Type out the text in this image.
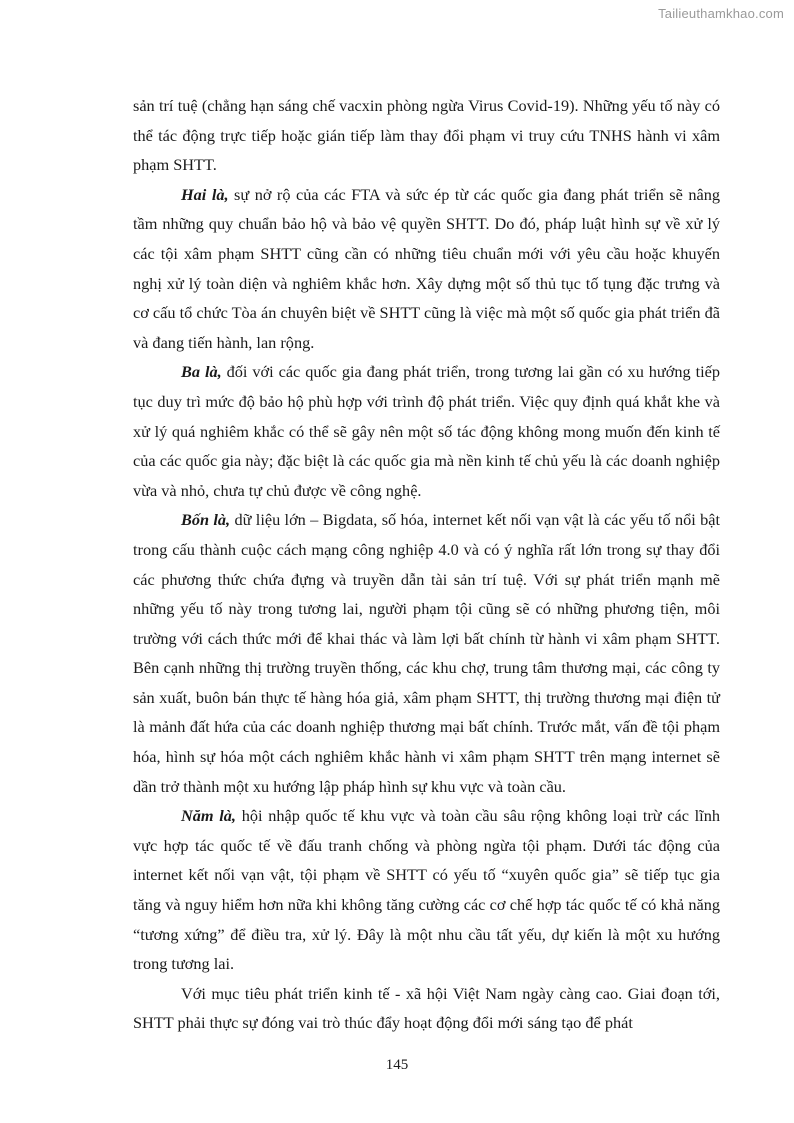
Tailieuthamkhao.com

sản trí tuệ (chẳng hạn sáng chế vacxin phòng ngừa Virus Covid-19). Những yếu tố này có thể tác động trực tiếp hoặc gián tiếp làm thay đổi phạm vi truy cứu TNHS hành vi xâm phạm SHTT.

Hai là, sự nở rộ của các FTA và sức ép từ các quốc gia đang phát triển sẽ nâng tầm những quy chuẩn bảo hộ và bảo vệ quyền SHTT. Do đó, pháp luật hình sự về xử lý các tội xâm phạm SHTT cũng cần có những tiêu chuẩn mới với yêu cầu hoặc khuyến nghị xử lý toàn diện và nghiêm khắc hơn. Xây dựng một số thủ tục tố tụng đặc trưng và cơ cấu tổ chức Tòa án chuyên biệt về SHTT cũng là việc mà một số quốc gia phát triển đã và đang tiến hành, lan rộng.

Ba là, đối với các quốc gia đang phát triển, trong tương lai gần có xu hướng tiếp tục duy trì mức độ bảo hộ phù hợp với trình độ phát triển. Việc quy định quá khắt khe và xử lý quá nghiêm khắc có thể sẽ gây nên một số tác động không mong muốn đến kinh tế của các quốc gia này; đặc biệt là các quốc gia mà nền kinh tế chủ yếu là các doanh nghiệp vừa và nhỏ, chưa tự chủ được về công nghệ.

Bốn là, dữ liệu lớn – Bigdata, số hóa, internet kết nối vạn vật là các yếu tố nổi bật trong cấu thành cuộc cách mạng công nghiệp 4.0 và có ý nghĩa rất lớn trong sự thay đổi các phương thức chứa đựng và truyền dẫn tài sản trí tuệ. Với sự phát triển mạnh mẽ những yếu tố này trong tương lai, người phạm tội cũng sẽ có những phương tiện, môi trường với cách thức mới để khai thác và làm lợi bất chính từ hành vi xâm phạm SHTT. Bên cạnh những thị trường truyền thống, các khu chợ, trung tâm thương mại, các công ty sản xuất, buôn bán thực tế hàng hóa giả, xâm phạm SHTT, thị trường thương mại điện tử là mảnh đất hứa của các doanh nghiệp thương mại bất chính. Trước mắt, vấn đề tội phạm hóa, hình sự hóa một cách nghiêm khắc hành vi xâm phạm SHTT trên mạng internet sẽ dần trở thành một xu hướng lập pháp hình sự khu vực và toàn cầu.

Năm là, hội nhập quốc tế khu vực và toàn cầu sâu rộng không loại trừ các lĩnh vực hợp tác quốc tế về đấu tranh chống và phòng ngừa tội phạm. Dưới tác động của internet kết nối vạn vật, tội phạm về SHTT có yếu tố “xuyên quốc gia” sẽ tiếp tục gia tăng và nguy hiểm hơn nữa khi không tăng cường các cơ chế hợp tác quốc tế có khả năng “tương xứng” để điều tra, xử lý. Đây là một nhu cầu tất yếu, dự kiến là một xu hướng trong tương lai.

Với mục tiêu phát triển kinh tế - xã hội Việt Nam ngày càng cao. Giai đoạn tới, SHTT phải thực sự đóng vai trò thúc đẩy hoạt động đổi mới sáng tạo để phát

145
